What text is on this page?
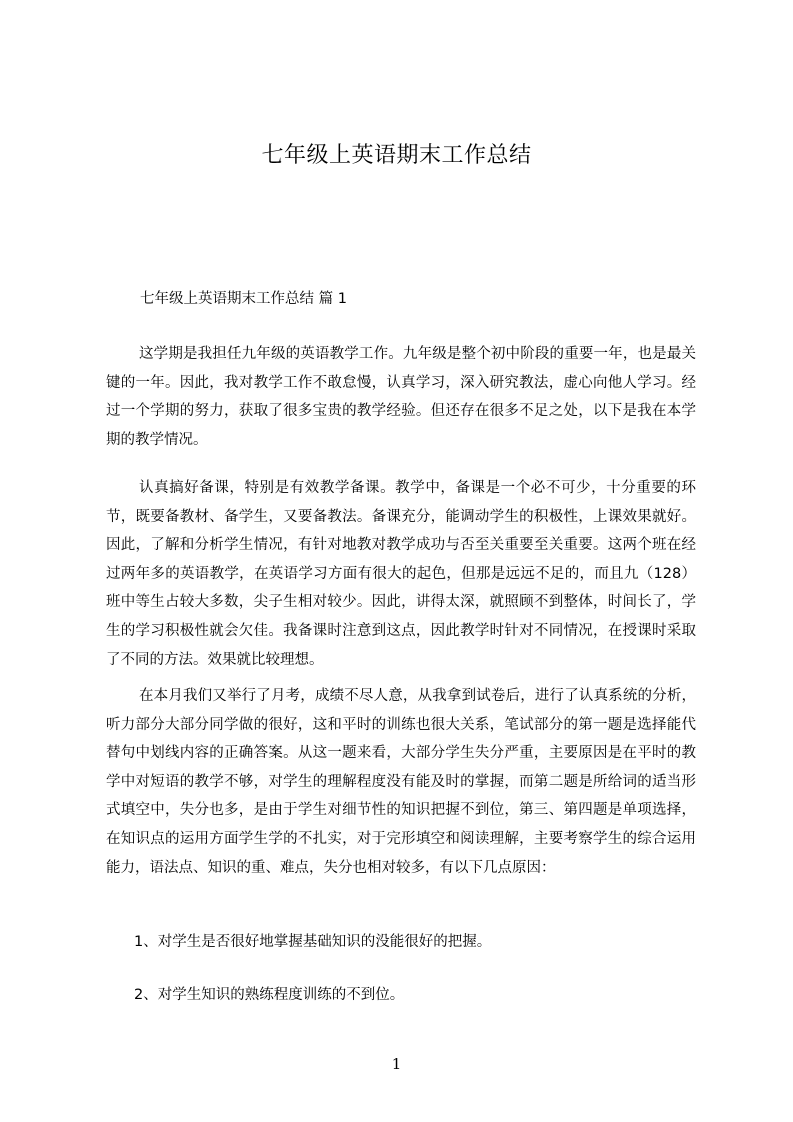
七年级上英语期末工作总结
七年级上英语期末工作总结 篇 1

这学期是我担任九年级的英语教学工作。九年级是整个初中阶段的重要一年，也是最关键的一年。因此，我对教学工作不敢怠慢，认真学习，深入研究教法，虚心向他人学习。经过一个学期的努力，获取了很多宝贵的教学经验。但还存在很多不足之处，以下是我在本学期的教学情况。

认真搞好备课，特别是有效教学备课。教学中，备课是一个必不可少，十分重要的环节，既要备教材、备学生，又要备教法。备课充分，能调动学生的积极性，上课效果就好。因此，了解和分析学生情况，有针对地教对教学成功与否至关重要至关重要。这两个班在经过两年多的英语教学，在英语学习方面有很大的起色，但那是远远不足的，而且九（128）班中等生占较大多数，尖子生相对较少。因此，讲得太深，就照顾不到整体，时间长了，学生的学习积极性就会欠佳。我备课时注意到这点，因此教学时针对不同情况，在授课时采取了不同的方法。效果就比较理想。

在本月我们又举行了月考，成绩不尽人意，从我拿到试卷后，进行了认真系统的分析，听力部分大部分同学做的很好，这和平时的训练也很大关系，笔试部分的第一题是选择能代替句中划线内容的正确答案。从这一题来看，大部分学生失分严重，主要原因是在平时的教学中对短语的教学不够，对学生的理解程度没有能及时的掌握，而第二题是所给词的适当形式填空中，失分也多，是由于学生对细节性的知识把握不到位，第三、第四题是单项选择，在知识点的运用方面学生学的不扎实，对于完形填空和阅读理解，主要考察学生的综合运用能力，语法点、知识的重、难点，失分也相对较多，有以下几点原因：

1、对学生是否很好地掌握基础知识的没能很好的把握。
2、对学生知识的熟练程度训练的不到位。
1
